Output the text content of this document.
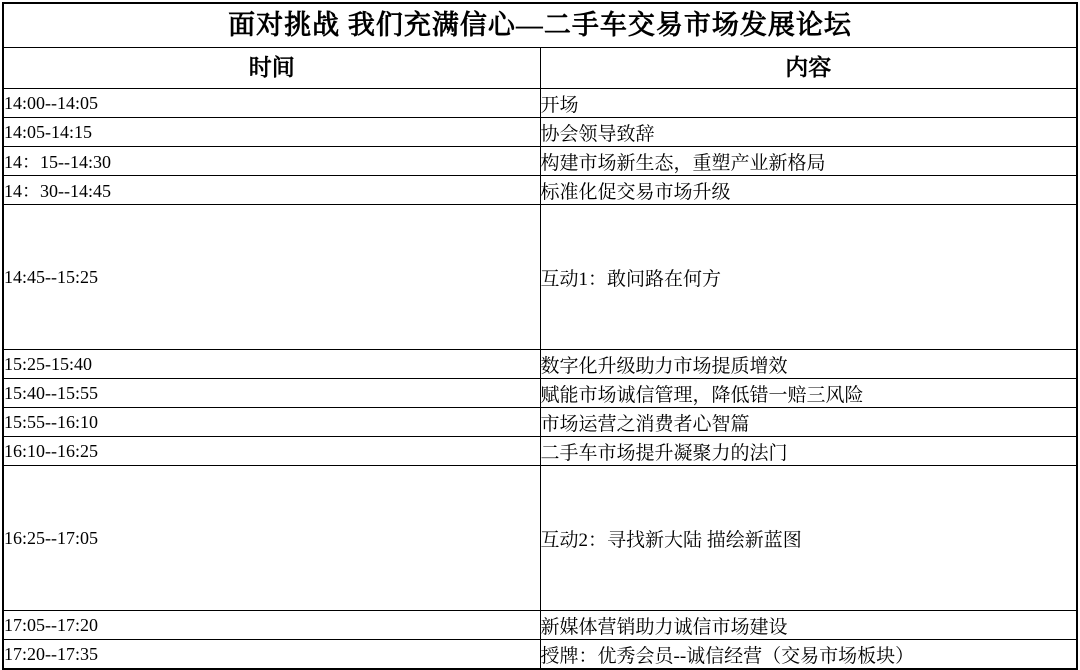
面对挑战 我们充满信心—二手车交易市场发展论坛	
时间	内容
14:00--14:05	开场
14:05-14:15	协会领导致辞
14：15--14:30	构建市场新生态，重塑产业新格局
14：30--14:45	标准化促交易市场升级
14:45--15:25	互动1：敢问路在何方
15:25-15:40	数字化升级助力市场提质增效
15:40--15:55	赋能市场诚信管理，降低错一赔三风险
15:55--16:10	市场运营之消费者心智篇
16:10--16:25	二手车市场提升凝聚力的法门
16:25--17:05	互动2：寻找新大陆 描绘新蓝图
17:05--17:20	新媒体营销助力诚信市场建设
17:20--17:35	授牌：优秀会员--诚信经营（交易市场板块）
